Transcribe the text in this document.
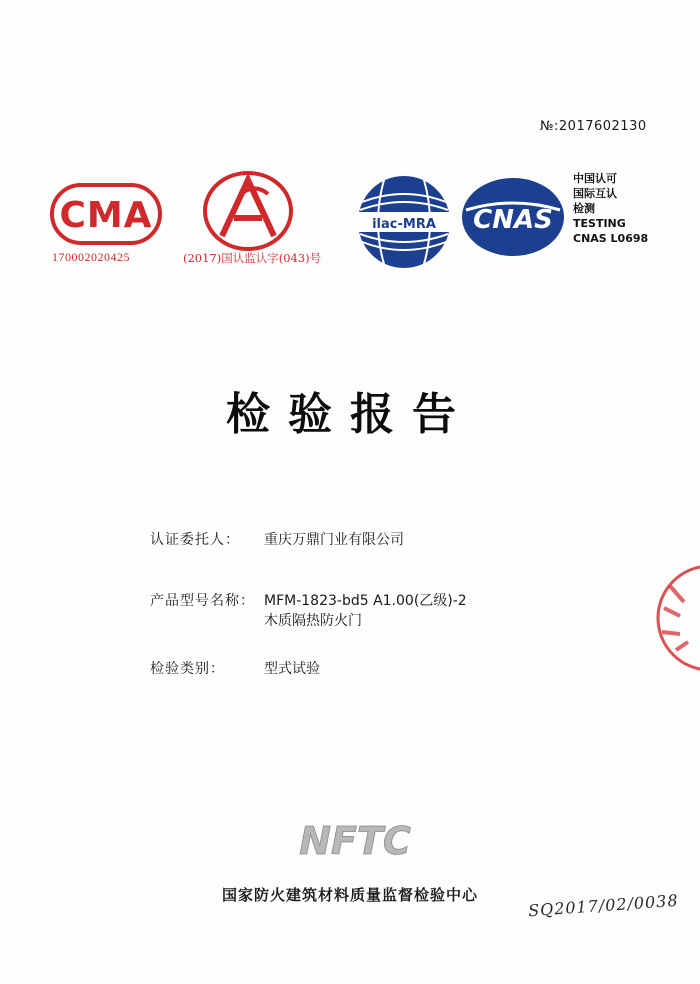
№:2017602130
CMA
170002020425
CAL
(2017)国认监认字(043)号
ilac-MRA CNAS
中国认可
国际互认
检测
TESTING
CNAS L0698
检验报告
认证委托人： 重庆万鼎门业有限公司
产品型号名称： MFM-1823-bd5 A1.00(乙级)-2
木质隔热防火门
检验类别：	型式试验
NFTC
国家防火建筑材料质量监督检验中心	SQ2017/02/0038
